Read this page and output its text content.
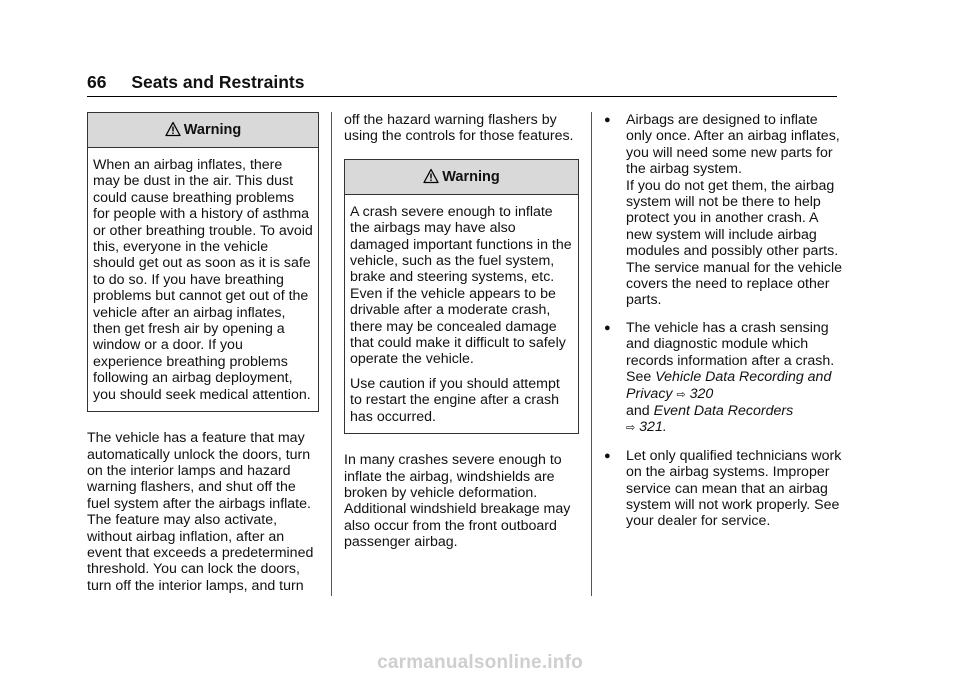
66 Seats and Restraints
Warning

When an airbag inflates, there may be dust in the air. This dust could cause breathing problems for people with a history of asthma or other breathing trouble. To avoid this, everyone in the vehicle should get out as soon as it is safe to do so. If you have breathing problems but cannot get out of the vehicle after an airbag inflates, then get fresh air by opening a window or a door. If you experience breathing problems following an airbag deployment, you should seek medical attention.

The vehicle has a feature that may automatically unlock the doors, turn on the interior lamps and hazard warning flashers, and shut off the fuel system after the airbags inflate. The feature may also activate, without airbag inflation, after an event that exceeds a predetermined threshold. You can lock the doors, turn off the interior lamps, and turn

off the hazard warning flashers by using the controls for those features.

Warning

A crash severe enough to inflate the airbags may have also damaged important functions in the vehicle, such as the fuel system, brake and steering systems, etc. Even if the vehicle appears to be drivable after a moderate crash, there may be concealed damage that could make it difficult to safely operate the vehicle.

Use caution if you should attempt to restart the engine after a crash has occurred.

In many crashes severe enough to inflate the airbag, windshields are broken by vehicle deformation. Additional windshield breakage may also occur from the front outboard passenger airbag.

● Airbags are designed to inflate only once. After an airbag inflates, you will need some new parts for the airbag system.
If you do not get them, the airbag system will not be there to help protect you in another crash. A new system will include airbag modules and possibly other parts. The service manual for the vehicle covers the need to replace other parts.
● The vehicle has a crash sensing and diagnostic module which records information after a crash.
See Vehicle Data Recording and Privacy ⇨ 320
and Event Data Recorders
⇨ 321.
● Let only qualified technicians work on the airbag systems. Improper service can mean that an airbag system will not work properly. See your dealer for service.
carmanualsonline.info
